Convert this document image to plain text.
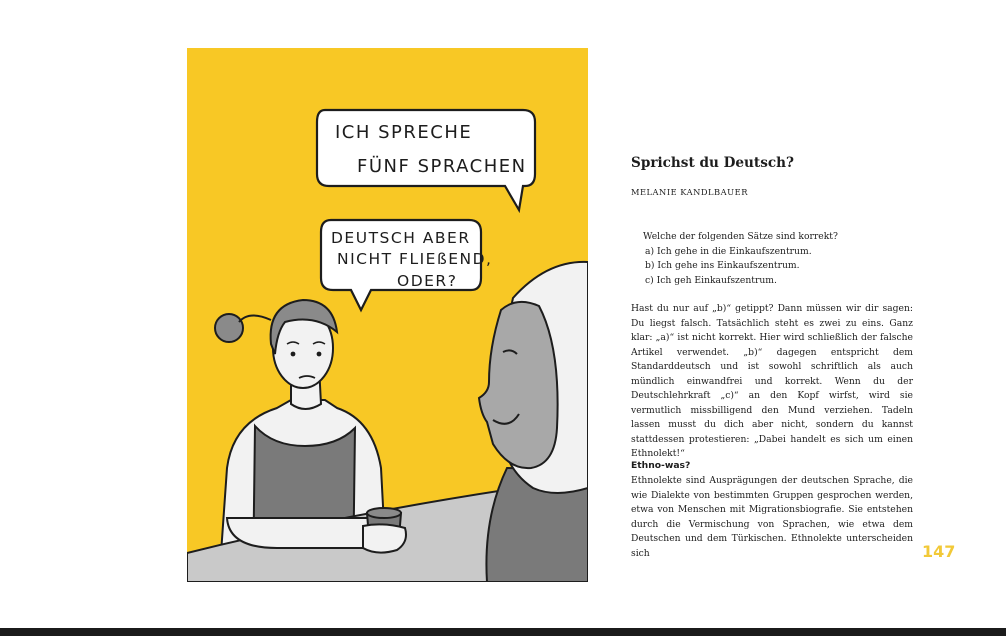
ICH SPRECHE
FÜNF SPRACHEN
DEUTSCH ABER
NICHT FLIEßEND,
ODER?
Sprichst du Deutsch?
MELANIE KANDLBAUER
Welche der folgenden Sätze sind korrekt?
a) Ich gehe in die Einkaufszentrum.
b) Ich gehe ins Einkaufszentrum.
c) Ich geh Einkaufszentrum.
Hast du nur auf „b)“ getippt? Dann müssen wir dir sagen: Du liegst falsch. Tatsächlich steht es zwei zu eins. Ganz klar: „a)“ ist nicht korrekt. Hier wird schließlich der falsche Artikel verwendet. „b)“ dagegen entspricht dem Standarddeutsch und ist sowohl schriftlich als auch mündlich einwandfrei und korrekt. Wenn du der Deutschlehrkraft „c)“ an den Kopf wirfst, wird sie vermutlich missbilligend den Mund verziehen. Tadeln lassen musst du dich aber nicht, sondern du kannst stattdessen protestieren: „Dabei handelt es sich um einen Ethnolekt!“
Ethno-was?
Ethnolekte sind Ausprägungen der deutschen Sprache, die wie Dialekte von bestimmten Gruppen gesprochen werden, etwa von Menschen mit Migrationsbiografie. Sie entstehen durch die Vermischung von Sprachen, wie etwa dem Deutschen und dem Türkischen. Ethnolekte unterscheiden sich	147
